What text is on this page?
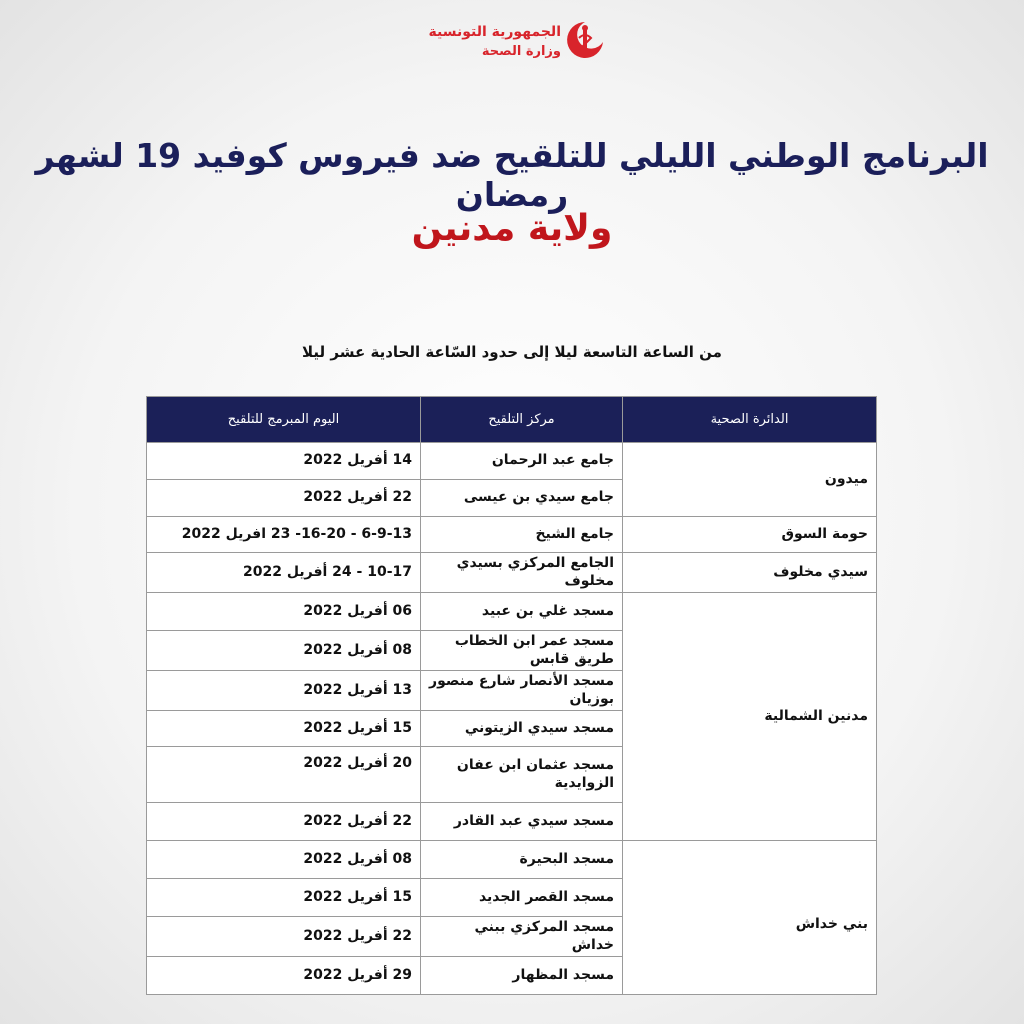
الجمهورية التونسية
وزارة الصحة
البرنامج الوطني الليلي للتلقيح ضد فيروس كوفيد 19 لشهر رمضان
ولاية مدنين
من الساعة التاسعة ليلا إلى حدود السّاعة الحادية عشر ليلا
الدائرة الصحية	مركز التلقيح	اليوم المبرمج للتلقيح
ميدون	جامع عبد الرحمان	14 أفريل 2022
	جامع سيدي بن عيسى	22 أفريل 2022
حومة السوق	جامع الشيخ	6-9-13 - 16-20- 23 افريل 2022
سيدي مخلوف	الجامع المركزي بسيدي مخلوف	10-17 - 24 أفريل 2022
مدنين الشمالية	مسجد غلي بن عبيد	06 أفريل 2022
	مسجد عمر ابن الخطاب طريق قابس	08 أفريل 2022
	مسجد الأنصار شارع منصور بوزيان	13 أفريل 2022
	مسجد سيدي الزيتوني	15 أفريل 2022
	مسجد عثمان ابن عفان الزوايدية	20 أفريل 2022
	مسجد سيدي عبد القادر	22 أفريل 2022
بني خداش	مسجد البحيرة	08 أفريل 2022
	مسجد القصر الجديد	15 أفريل 2022
	مسجد المركزي ببني خداش	22 أفريل 2022
	مسجد المظهار	29 أفريل 2022
